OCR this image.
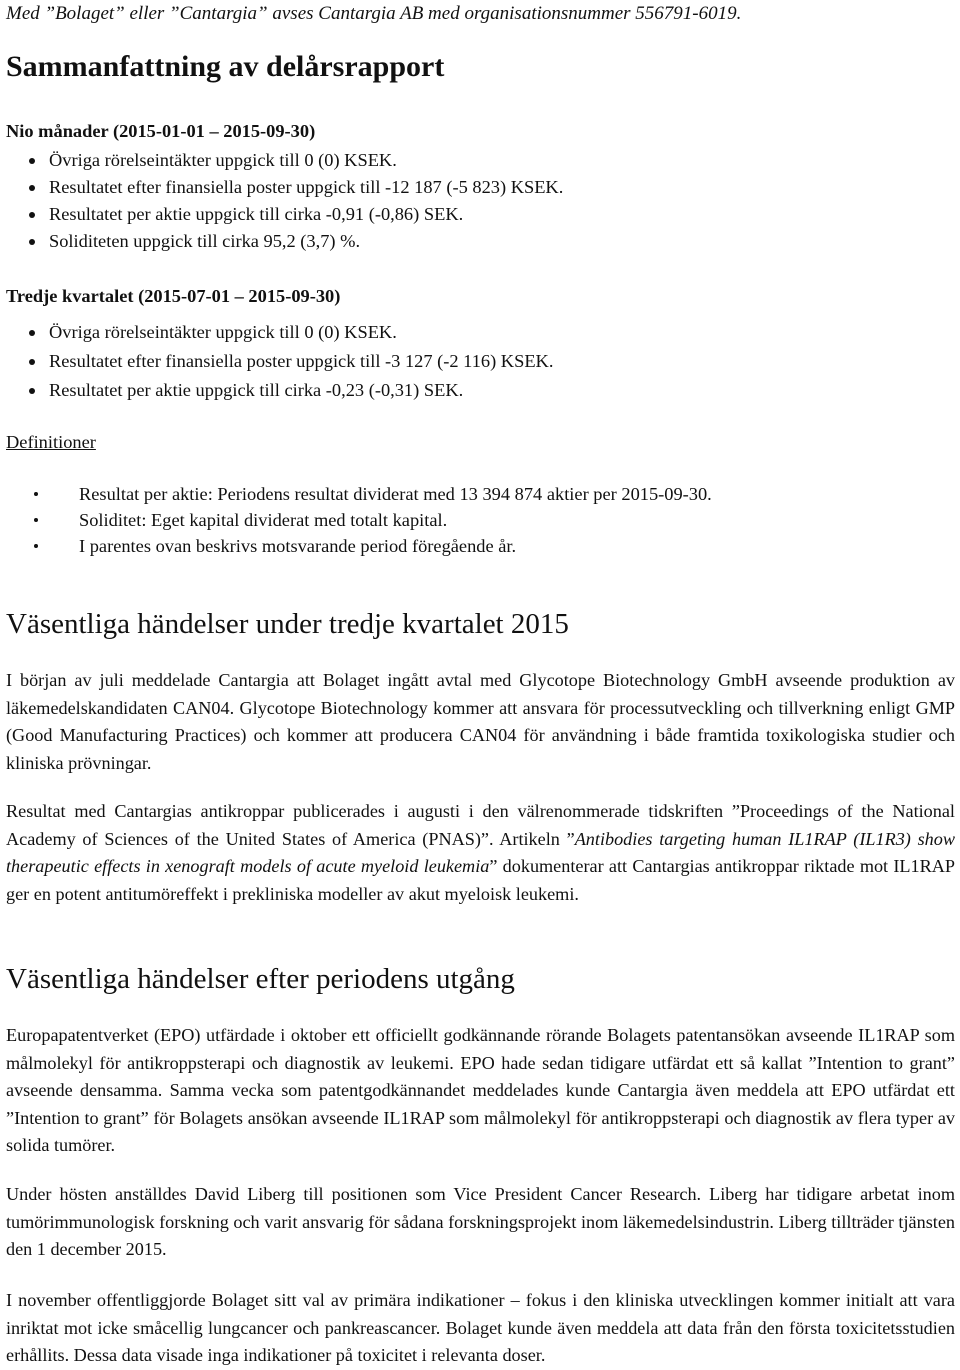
Med ”Bolaget” eller ”Cantargia” avses Cantargia AB med organisationsnummer 556791-6019.
Sammanfattning av delårsrapport
Nio månader (2015-01-01 – 2015-09-30)
Övriga rörelseintäkter uppgick till 0 (0) KSEK.
Resultatet efter finansiella poster uppgick till -12 187 (-5 823) KSEK.
Resultatet per aktie uppgick till cirka -0,91 (-0,86) SEK.
Soliditeten uppgick till cirka 95,2 (3,7) %.
Tredje kvartalet (2015-07-01 – 2015-09-30)
Övriga rörelseintäkter uppgick till 0 (0) KSEK.
Resultatet efter finansiella poster uppgick till -3 127 (-2 116) KSEK.
Resultatet per aktie uppgick till cirka -0,23 (-0,31) SEK.
Definitioner
Resultat per aktie: Periodens resultat dividerat med 13 394 874 aktier per 2015-09-30.
Soliditet: Eget kapital dividerat med totalt kapital.
I parentes ovan beskrivs motsvarande period föregående år.
Väsentliga händelser under tredje kvartalet 2015
I början av juli meddelade Cantargia att Bolaget ingått avtal med Glycotope Biotechnology GmbH avseende produktion av läkemedelskandidaten CAN04. Glycotope Biotechnology kommer att ansvara för processutveckling och tillverkning enligt GMP (Good Manufacturing Practices) och kommer att producera CAN04 för användning i både framtida toxikologiska studier och kliniska prövningar.
Resultat med Cantargias antikroppar publicerades i augusti i den välrenommerade tidskriften ”Proceedings of the National Academy of Sciences of the United States of America (PNAS)”. Artikeln ”Antibodies targeting human IL1RAP (IL1R3) show therapeutic effects in xenograft models of acute myeloid leukemia” dokumenterar att Cantargias antikroppar riktade mot IL1RAP ger en potent antitumöreffekt i prekliniska modeller av akut myeloisk leukemi.
Väsentliga händelser efter periodens utgång
Europapatentverket (EPO) utfärdade i oktober ett officiellt godkännande rörande Bolagets patentansökan avseende IL1RAP som målmolekyl för antikroppsterapi och diagnostik av leukemi. EPO hade sedan tidigare utfärdat ett så kallat ”Intention to grant” avseende densamma. Samma vecka som patentgodkännandet meddelades kunde Cantargia även meddela att EPO utfärdat ett ”Intention to grant” för Bolagets ansökan avseende IL1RAP som målmolekyl för antikroppsterapi och diagnostik av flera typer av solida tumörer.
Under hösten anställdes David Liberg till positionen som Vice President Cancer Research. Liberg har tidigare arbetat inom tumörimmunologisk forskning och varit ansvarig för sådana forskningsprojekt inom läkemedelsindustrin. Liberg tillträder tjänsten den 1 december 2015.
I november offentliggjorde Bolaget sitt val av primära indikationer – fokus i den kliniska utvecklingen kommer initialt att vara inriktat mot icke småcellig lungcancer och pankreascancer. Bolaget kunde även meddela att data från den första toxicitetsstudien erhållits. Dessa data visade inga indikationer på toxicitet i relevanta doser.
